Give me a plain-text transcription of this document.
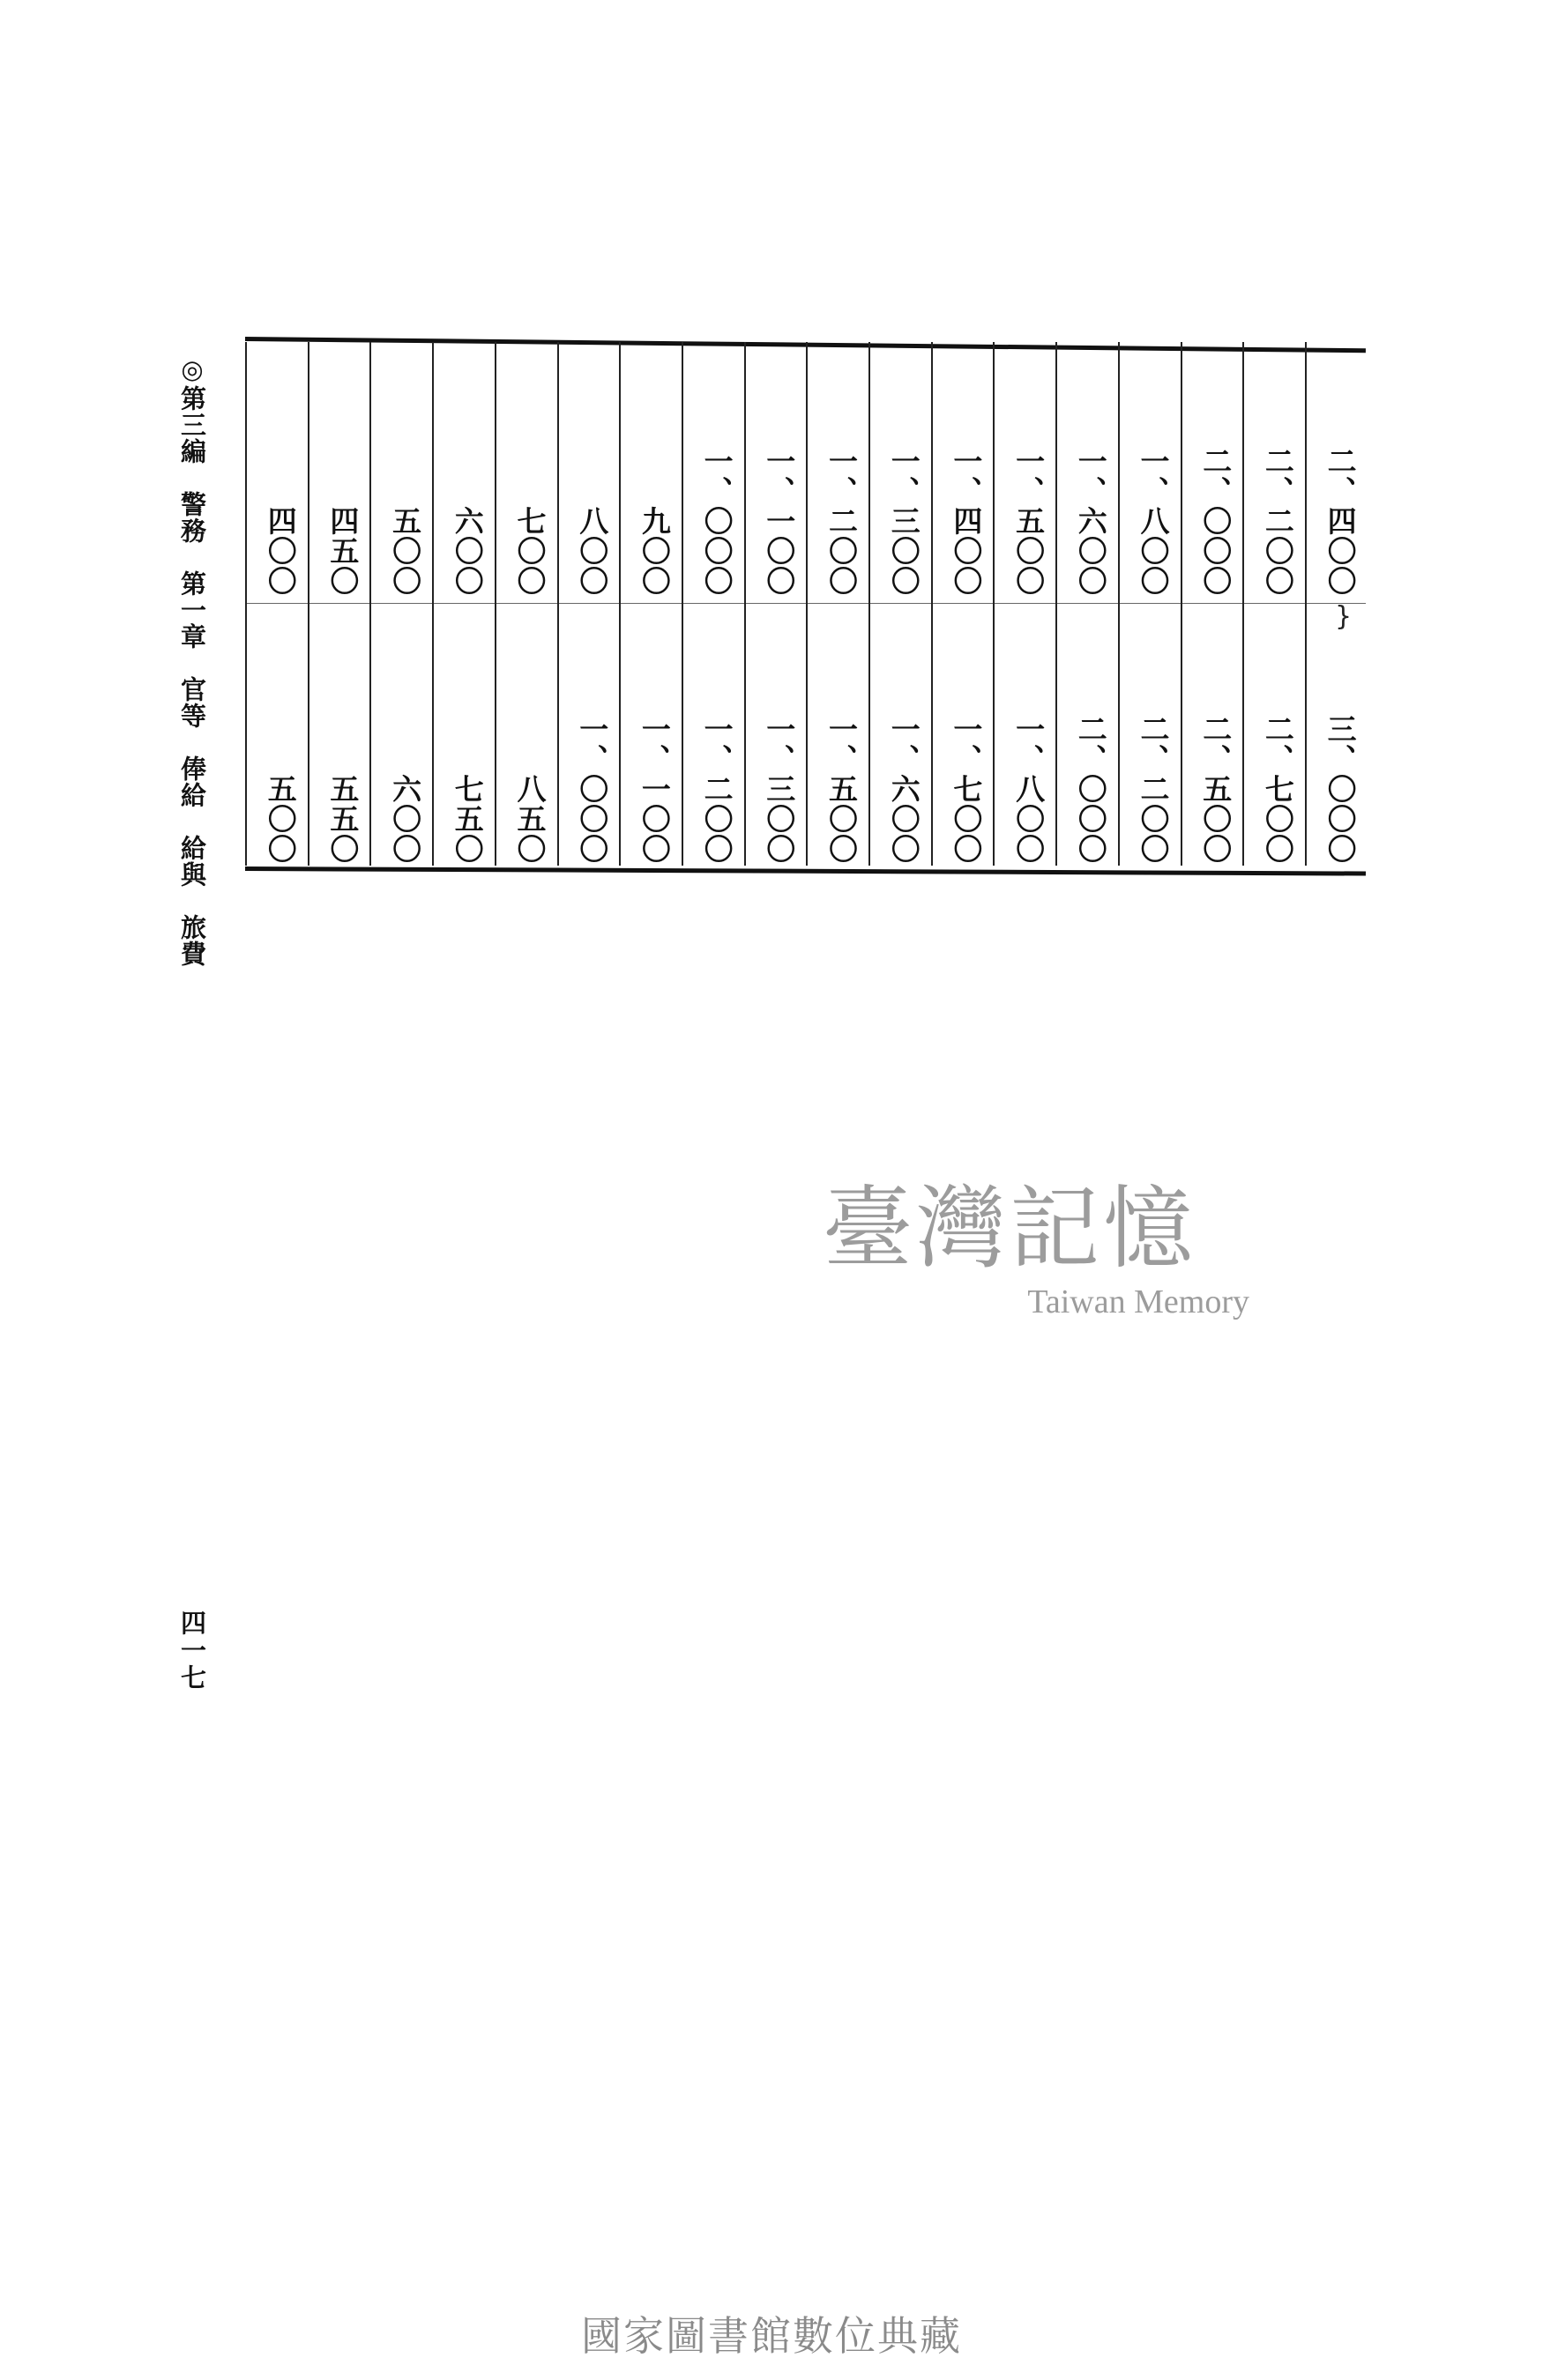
◎第三編　警務　第一章　官等　俸給　給與　旅費 四〇〇
五〇〇
四五〇
五五〇
五〇〇
六〇〇
六〇〇
七五〇
七〇〇
八五〇
八〇〇
一、〇〇〇
九〇〇
一、一〇〇
一、〇〇〇
一、二〇〇
一、一〇〇
一、三〇〇
一、二〇〇
一、五〇〇
一、三〇〇
一、六〇〇
一、四〇〇
一、七〇〇
一、五〇〇
一、八〇〇
一、六〇〇
二、〇〇〇
一、八〇〇
二、二〇〇
二、〇〇〇
二、五〇〇
二、二〇〇
二、七〇〇
二、四〇〇
三、〇〇〇
}
四一七
臺灣記憶
Taiwan Memory
國家圖書館數位典藏
